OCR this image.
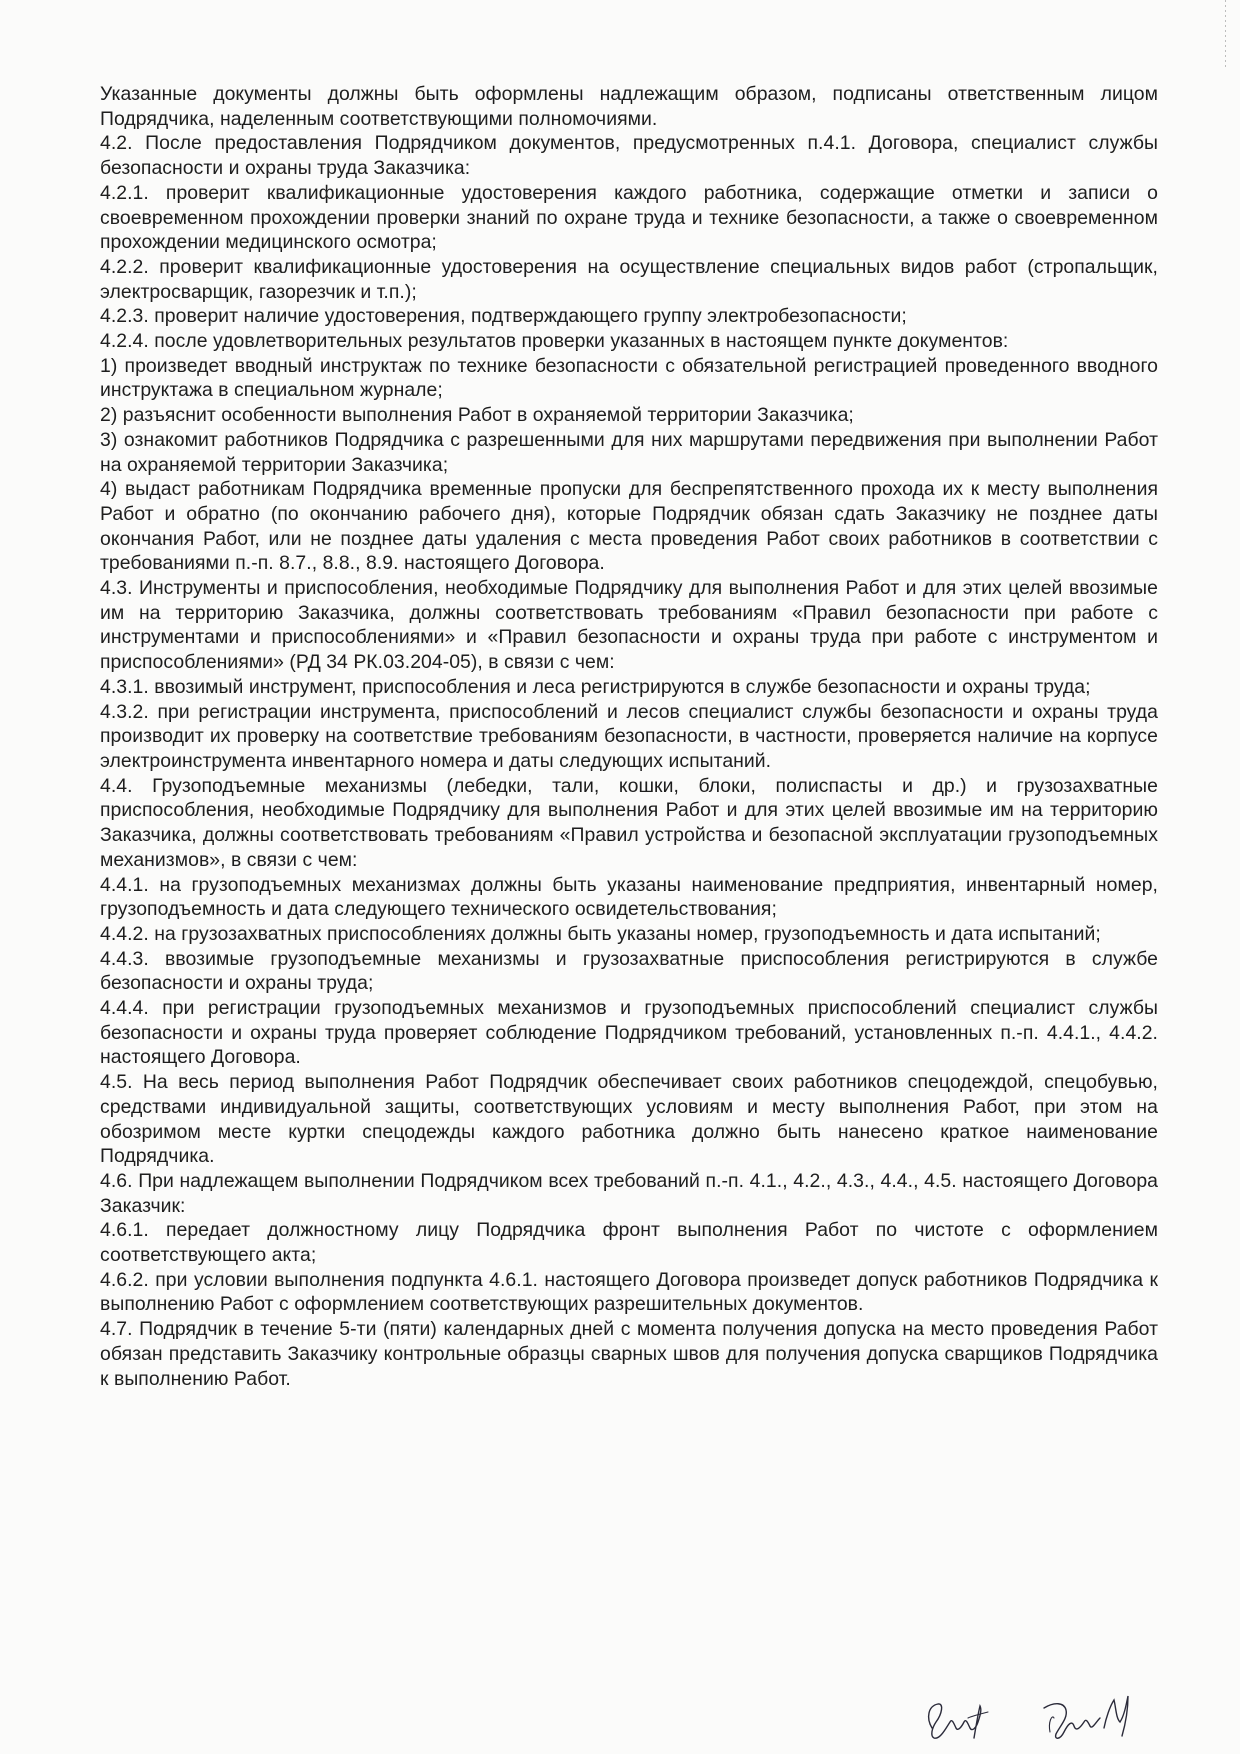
Указанные документы должны быть оформлены надлежащим образом, подписаны ответственным лицом Подрядчика, наделенным соответствующими полномочиями.

4.2. После предоставления Подрядчиком документов, предусмотренных п.4.1. Договора, специалист службы безопасности и охраны труда Заказчика:

4.2.1. проверит квалификационные удостоверения каждого работника, содержащие отметки и записи о своевременном прохождении проверки знаний по охране труда и технике безопасности, а также о своевременном прохождении медицинского осмотра;

4.2.2. проверит квалификационные удостоверения на осуществление специальных видов работ (стропальщик, электросварщик, газорезчик и т.п.);

4.2.3. проверит наличие удостоверения, подтверждающего группу электробезопасности;

4.2.4. после удовлетворительных результатов проверки указанных в настоящем пункте документов:

1) произведет вводный инструктаж по технике безопасности с обязательной регистрацией проведенного вводного инструктажа в специальном журнале;

2) разъяснит особенности выполнения Работ в охраняемой территории Заказчика;

3) ознакомит работников Подрядчика с разрешенными для них маршрутами передвижения при выполнении Работ на охраняемой территории Заказчика;

4) выдаст работникам Подрядчика временные пропуски для беспрепятственного прохода их к месту выполнения Работ и обратно (по окончанию рабочего дня), которые Подрядчик обязан сдать Заказчику не позднее даты окончания Работ, или не позднее даты удаления с места проведения Работ своих работников в соответствии с требованиями п.-п. 8.7., 8.8., 8.9. настоящего Договора.

4.3. Инструменты и приспособления, необходимые Подрядчику для выполнения Работ и для этих целей ввозимые им на территорию Заказчика, должны соответствовать требованиям «Правил безопасности при работе с инструментами и приспособлениями» и «Правил безопасности и охраны труда при работе с инструментом и приспособлениями» (РД 34 РК.03.204-05), в связи с чем:

4.3.1. ввозимый инструмент, приспособления и леса регистрируются в службе безопасности и охраны труда;

4.3.2. при регистрации инструмента, приспособлений и лесов специалист службы безопасности и охраны труда производит их проверку на соответствие требованиям безопасности, в частности, проверяется наличие на корпусе электроинструмента инвентарного номера и даты следующих испытаний.

4.4. Грузоподъемные механизмы (лебедки, тали, кошки, блоки, полиспасты и др.) и грузозахватные приспособления, необходимые Подрядчику для выполнения Работ и для этих целей ввозимые им на территорию Заказчика, должны соответствовать требованиям «Правил устройства и безопасной эксплуатации грузоподъемных механизмов», в связи с чем:

4.4.1. на грузоподъемных механизмах должны быть указаны наименование предприятия, инвентарный номер, грузоподъемность и дата следующего технического освидетельствования;

4.4.2. на грузозахватных приспособлениях должны быть указаны номер, грузоподъемность и дата испытаний;

4.4.3. ввозимые грузоподъемные механизмы и грузозахватные приспособления регистрируются в службе безопасности и охраны труда;

4.4.4. при регистрации грузоподъемных механизмов и грузоподъемных приспособлений специалист службы безопасности и охраны труда проверяет соблюдение Подрядчиком требований, установленных п.-п. 4.4.1., 4.4.2. настоящего Договора.

4.5. На весь период выполнения Работ Подрядчик обеспечивает своих работников спецодеждой, спецобувью, средствами индивидуальной защиты, соответствующих условиям и месту выполнения Работ, при этом на обозримом месте куртки спецодежды каждого работника должно быть нанесено краткое наименование Подрядчика.

4.6. При надлежащем выполнении Подрядчиком всех требований п.-п. 4.1., 4.2., 4.3., 4.4., 4.5. настоящего Договора Заказчик:

4.6.1. передает должностному лицу Подрядчика фронт выполнения Работ по чистоте с оформлением соответствующего акта;

4.6.2. при условии выполнения подпункта 4.6.1. настоящего Договора произведет допуск работников Подрядчика к выполнению Работ с оформлением соответствующих разрешительных документов.

4.7. Подрядчик в течение 5-ти (пяти) календарных дней с момента получения допуска на место проведения Работ обязан представить Заказчику контрольные образцы сварных швов для получения допуска сварщиков Подрядчика к выполнению Работ.
